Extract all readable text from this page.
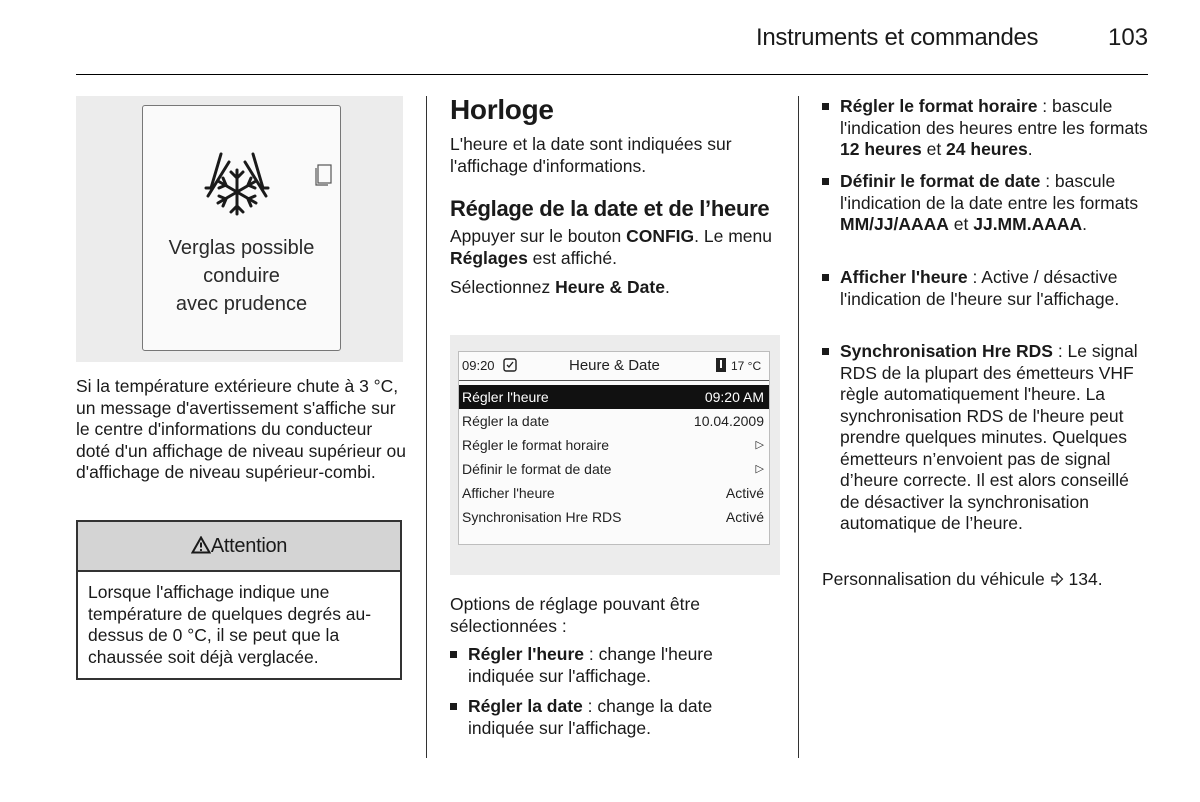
Instruments et commandes	103
Verglas possible
conduire
avec prudence
Si la température extérieure chute à 3 °C, un message d'avertissement s'affiche sur le centre d'informations du conducteur doté d'un affichage de niveau supérieur ou d'affichage de niveau supérieur-combi.
Attention
Lorsque l'affichage indique une température de quelques degrés au-dessus de 0 °C, il se peut que la chaussée soit déjà verglacée.
Horloge
L'heure et la date sont indiquées sur l'affichage d'informations.
Réglage de la date et de l’heure
Appuyer sur le bouton CONFIG. Le menu Réglages est affiché.
Sélectionnez Heure & Date.
09:20	Heure & Date	17 °C
Régler l'heure	09:20 AM
Régler la date	10.04.2009
Régler le format horaire	▷
Définir le format de date	▷
Afficher l'heure	Activé
Synchronisation Hre RDS	Activé
Options de réglage pouvant être sélectionnées :
Régler l'heure : change l'heure indiquée sur l'affichage.
Régler la date : change la date indiquée sur l'affichage.
Régler le format horaire : bascule l'indication des heures entre les formats 12 heures et 24 heures.
Définir le format de date : bascule l'indication de la date entre les formats MM/JJ/AAAA et JJ.MM.AAAA.
Afficher l'heure : Active / désactive l'indication de l'heure sur l'affichage.
Synchronisation Hre RDS : Le signal RDS de la plupart des émetteurs VHF règle automatiquement l'heure. La synchronisation RDS de l'heure peut prendre quelques minutes. Quelques émetteurs n’envoient pas de signal d’heure correcte. Il est alors conseillé de désactiver la synchronisation automatique de l’heure.
Personnalisation du véhicule  134.
